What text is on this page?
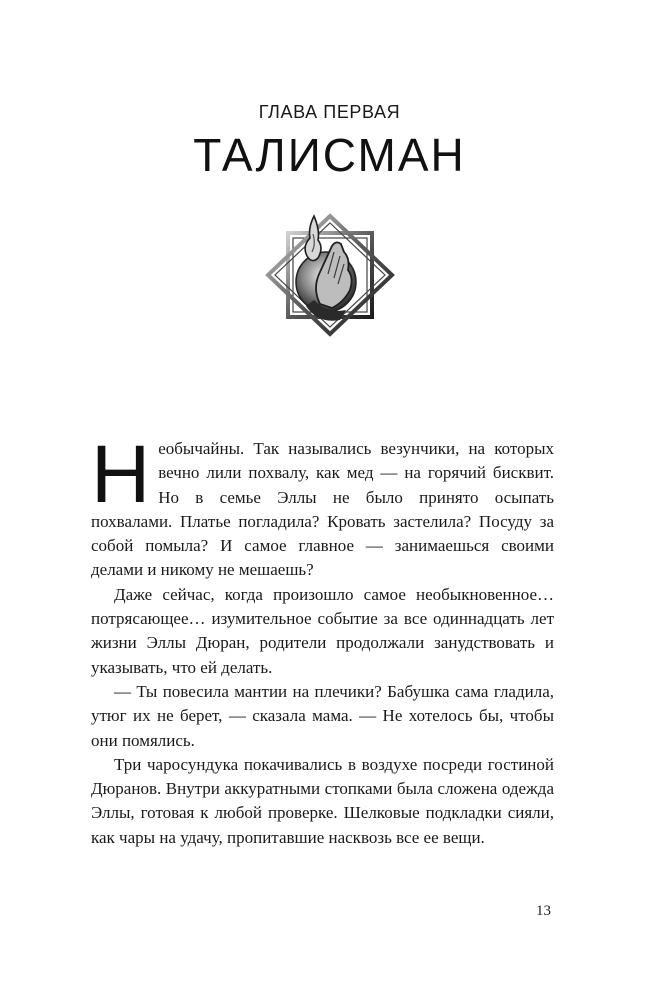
ГЛАВА ПЕРВАЯ
ТАЛИСМАН

Необычайны. Так назывались везунчики, на которых вечно лили похвалу, как мед — на горячий бисквит. Но в семье Эллы не было принято осыпать похвалами. Платье погладила? Кровать застелила? Посуду за собой помыла? И самое главное — занимаешься своими делами и никому не мешаешь?

Даже сейчас, когда произошло самое необыкновенное… потрясающее… изумительное событие за все одиннадцать лет жизни Эллы Дюран, родители продолжали занудствовать и указывать, что ей делать.

— Ты повесила мантии на плечики? Бабушка сама гладила, утюг их не берет, — сказала мама. — Не хотелось бы, чтобы они помялись.

Три чаросундука покачивались в воздухе посреди гостиной Дюранов. Внутри аккуратными стопками была сложена одежда Эллы, готовая к любой проверке. Шелковые подкладки сияли, как чары на удачу, пропитавшие насквозь все ее вещи.

13
